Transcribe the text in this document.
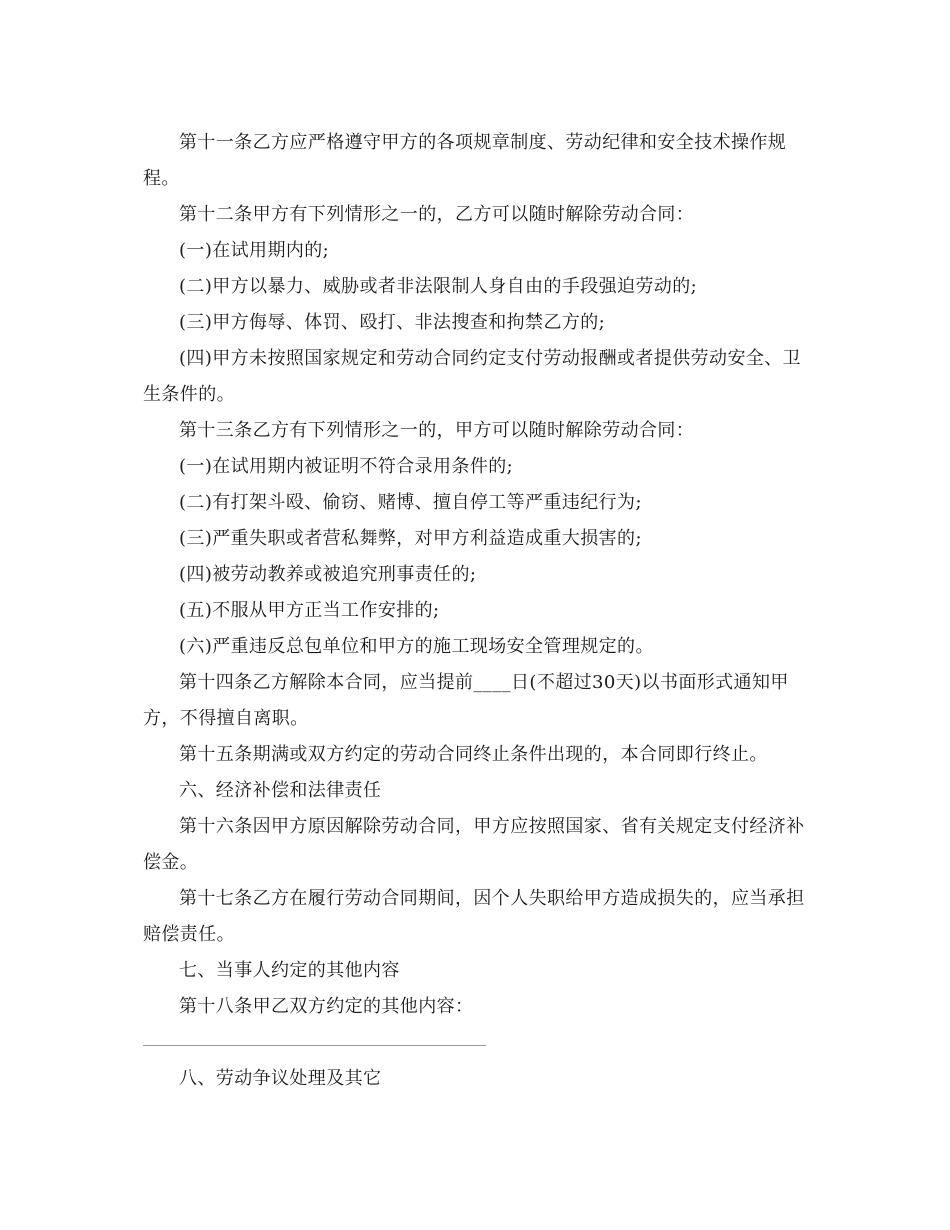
第十一条乙方应严格遵守甲方的各项规章制度、劳动纪律和安全技术操作规程。

第十二条甲方有下列情形之一的，乙方可以随时解除劳动合同：

(一)在试用期内的;

(二)甲方以暴力、威胁或者非法限制人身自由的手段强迫劳动的;

(三)甲方侮辱、体罚、殴打、非法搜查和拘禁乙方的;

(四)甲方未按照国家规定和劳动合同约定支付劳动报酬或者提供劳动安全、卫生条件的。

第十三条乙方有下列情形之一的，甲方可以随时解除劳动合同：

(一)在试用期内被证明不符合录用条件的;

(二)有打架斗殴、偷窃、赌博、擅自停工等严重违纪行为;

(三)严重失职或者营私舞弊，对甲方利益造成重大损害的;

(四)被劳动教养或被追究刑事责任的;

(五)不服从甲方正当工作安排的;

(六)严重违反总包单位和甲方的施工现场安全管理规定的。

第十四条乙方解除本合同，应当提前____日(不超过30天)以书面形式通知甲方，不得擅自离职。

第十五条期满或双方约定的劳动合同终止条件出现的，本合同即行终止。

六、经济补偿和法律责任

第十六条因甲方原因解除劳动合同，甲方应按照国家、省有关规定支付经济补偿金。

第十七条乙方在履行劳动合同期间，因个人失职给甲方造成损失的，应当承担赔偿责任。

七、当事人约定的其他内容

第十八条甲乙双方约定的其他内容：

八、劳动争议处理及其它
